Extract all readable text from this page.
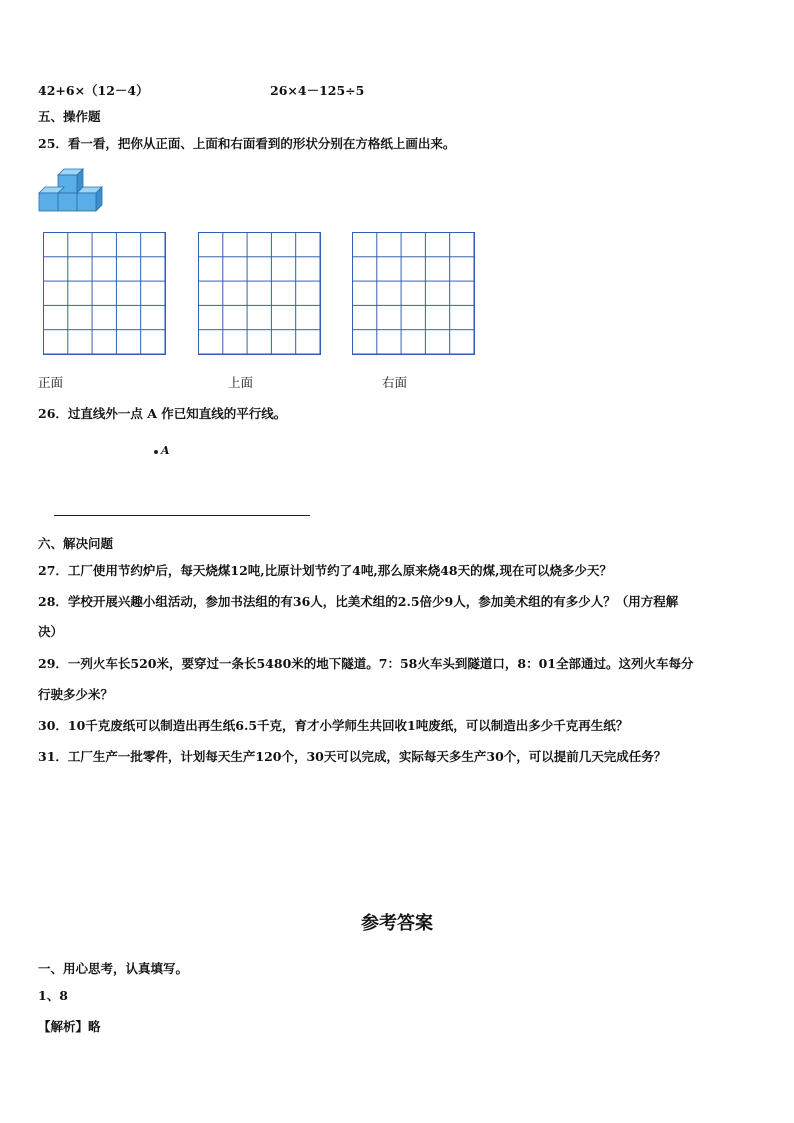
42+6×（12－4）	26×4－125÷5
五、操作题
25．看一看，把你从正面、上面和右面看到的形状分别在方格纸上画出来。
正面	上面	右面
26．过直线外一点 A 作已知直线的平行线。
A
六、解决问题
27．工厂使用节约炉后，每天烧煤12吨,比原计划节约了4吨,那么原来烧48天的煤,现在可以烧多少天？
28．学校开展兴趣小组活动，参加书法组的有36人，比美术组的2.5倍少9人，参加美术组的有多少人？（用方程解
决）
29．一列火车长520米，要穿过一条长5480米的地下隧道。7：58火车头到隧道口，8：01全部通过。这列火车每分
行驶多少米？
30．10千克废纸可以制造出再生纸6.5千克，育才小学师生共回收1吨废纸，可以制造出多少千克再生纸？
31．工厂生产一批零件，计划每天生产120个，30天可以完成，实际每天多生产30个，可以提前几天完成任务？
参考答案
一、用心思考，认真填写。
1、8
【解析】略
